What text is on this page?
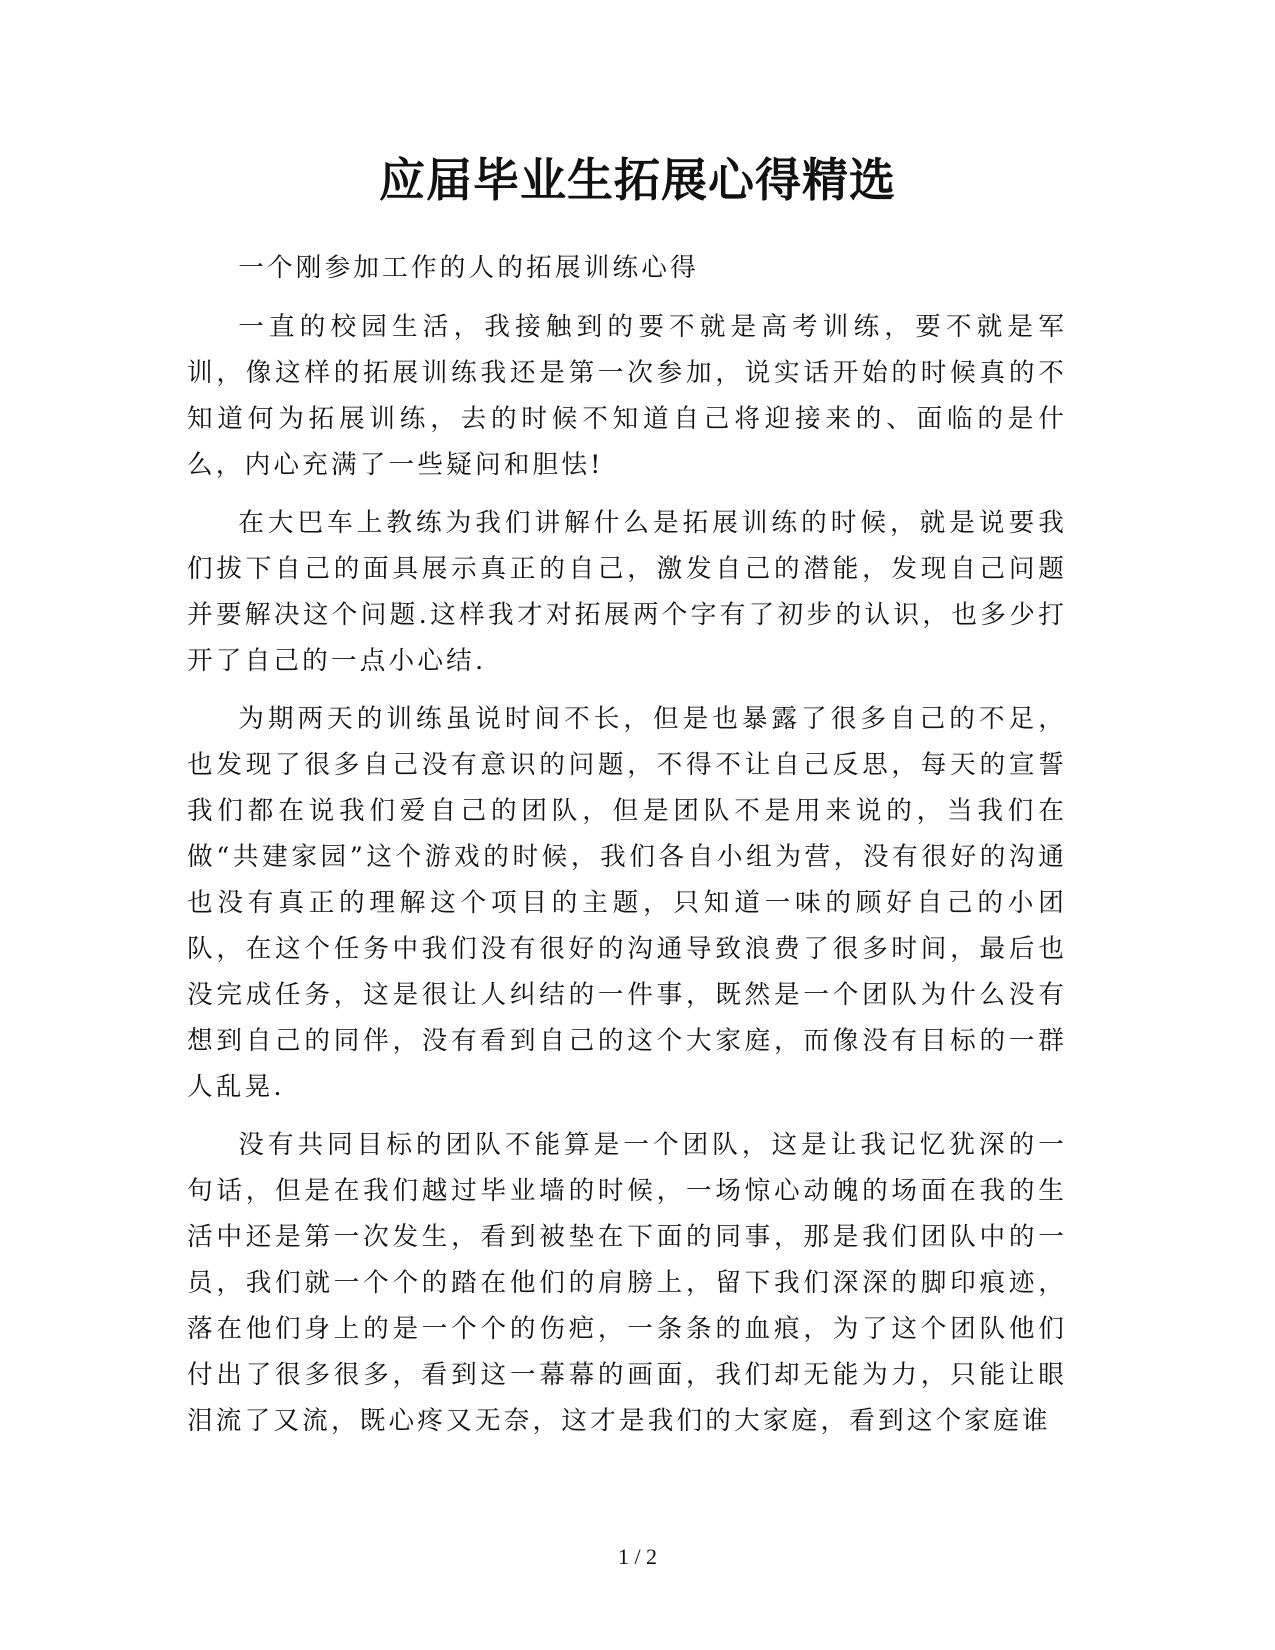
应届毕业生拓展心得精选

一个刚参加工作的人的拓展训练心得

一直的校园生活，我接触到的要不就是高考训练，要不就是军训，像这样的拓展训练我还是第一次参加，说实话开始的时候真的不知道何为拓展训练，去的时候不知道自己将迎接来的、面临的是什么，内心充满了一些疑问和胆怯!

在大巴车上教练为我们讲解什么是拓展训练的时候，就是说要我们拔下自己的面具展示真正的自己，激发自己的潜能，发现自己问题并要解决这个问题.这样我才对拓展两个字有了初步的认识，也多少打开了自己的一点小心结.

为期两天的训练虽说时间不长，但是也暴露了很多自己的不足，也发现了很多自己没有意识的问题，不得不让自己反思，每天的宣誓我们都在说我们爱自己的团队，但是团队不是用来说的，当我们在做“共建家园”这个游戏的时候，我们各自小组为营，没有很好的沟通也没有真正的理解这个项目的主题，只知道一味的顾好自己的小团队，在这个任务中我们没有很好的沟通导致浪费了很多时间，最后也没完成任务，这是很让人纠结的一件事，既然是一个团队为什么没有想到自己的同伴，没有看到自己的这个大家庭，而像没有目标的一群人乱晃.

没有共同目标的团队不能算是一个团队，这是让我记忆犹深的一句话，但是在我们越过毕业墙的时候，一场惊心动魄的场面在我的生活中还是第一次发生，看到被垫在下面的同事，那是我们团队中的一员，我们就一个个的踏在他们的肩膀上，留下我们深深的脚印痕迹，落在他们身上的是一个个的伤疤，一条条的血痕，为了这个团队他们付出了很多很多，看到这一幕幕的画面，我们却无能为力，只能让眼泪流了又流，既心疼又无奈，这才是我们的大家庭，看到这个家庭谁

1 / 2
